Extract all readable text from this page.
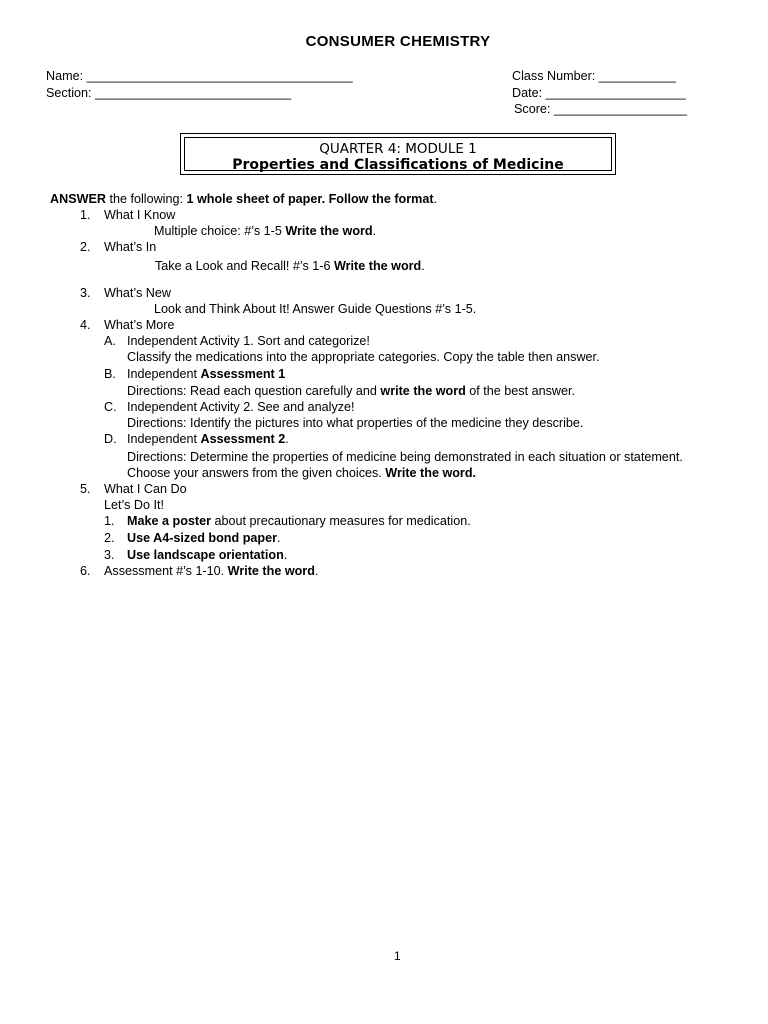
CONSUMER CHEMISTRY
Name: ______________________________________
Section: ____________________________
Class Number: ___________
Date: ____________________
Score: ___________________
QUARTER 4: MODULE 1
Properties and Classifications of Medicine
ANSWER the following: 1 whole sheet of paper. Follow the format.
1. What I Know
Multiple choice: #’s 1-5 Write the word.
2. What’s In
Take a Look and Recall! #’s 1-6 Write the word.
3. What’s New
Look and Think About It! Answer Guide Questions #’s 1-5.
4. What’s More
A. Independent Activity 1. Sort and categorize!
Classify the medications into the appropriate categories. Copy the table then answer.
B. Independent Assessment 1
Directions: Read each question carefully and write the word of the best answer.
C. Independent Activity 2. See and analyze!
Directions: Identify the pictures into what properties of the medicine they describe.
D. Independent Assessment 2.
Directions: Determine the properties of medicine being demonstrated in each situation or statement.
Choose your answers from the given choices. Write the word.
5. What I Can Do
Let’s Do It!
1. Make a poster about precautionary measures for medication.
2. Use A4-sized bond paper.
3. Use landscape orientation.
6. Assessment #’s 1-10. Write the word.
1
